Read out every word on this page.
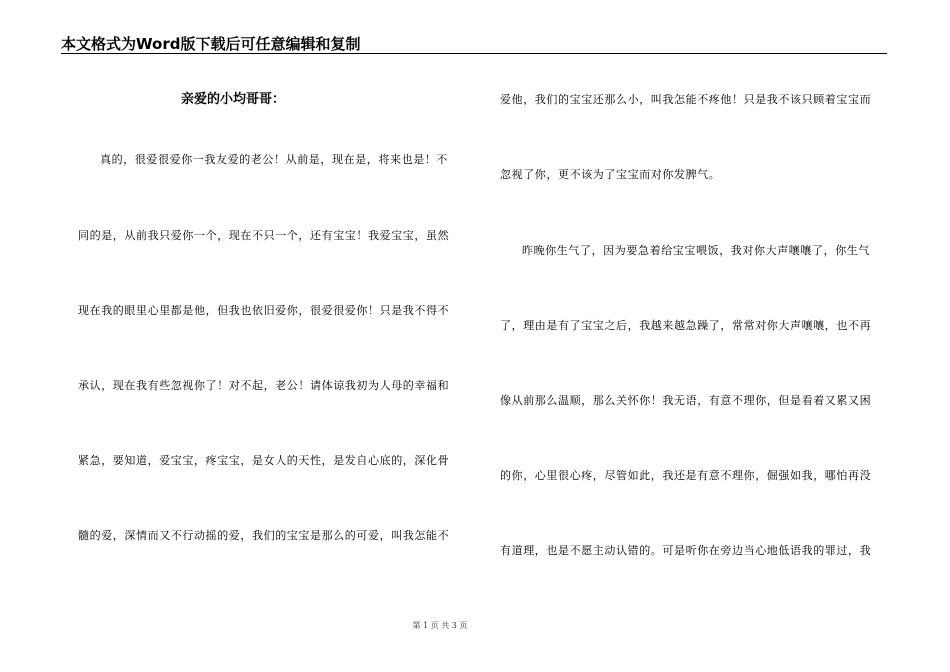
本文格式为Word版下载后可任意编辑和复制
亲爱的小均哥哥：
真的，很爱很爱你一我友爱的老公！从前是，现在是，将来也是！不
同的是，从前我只爱你一个，现在不只一个，还有宝宝！我爱宝宝，虽然
现在我的眼里心里都是他，但我也依旧爱你，很爱很爱你！只是我不得不
承认，现在我有些忽视你了！对不起，老公！请体谅我初为人母的幸福和
紧急，要知道，爱宝宝，疼宝宝，是女人的天性，是发自心底的，深化骨
髓的爱，深情而又不行动摇的爱，我们的宝宝是那么的可爱，叫我怎能不
爱他，我们的宝宝还那么小，叫我怎能不疼他！只是我不该只顾着宝宝而
忽视了你，更不该为了宝宝而对你发脾气。
昨晚你生气了，因为要急着给宝宝喂饭，我对你大声嚷嚷了，你生气
了，理由是有了宝宝之后，我越来越急躁了，常常对你大声嚷嚷，也不再
像从前那么温顺，那么关怀你！我无语，有意不理你，但是看着又累又困
的你，心里很心疼，尽管如此，我还是有意不理你，倔强如我，哪怕再没
有道理，也是不愿主动认错的。可是听你在旁边当心地低语我的罪过，我
第 1 页 共 3 页
